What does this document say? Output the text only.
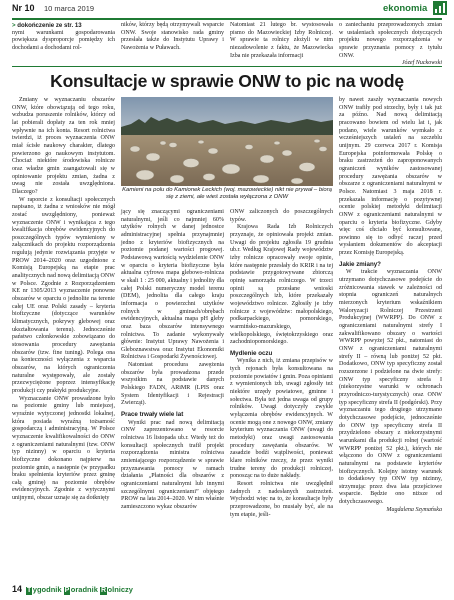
Nr 10 10 marca 2019	ekonomia

> dokończenie ze str. 13

nymi warunkami gospodarowania powiększa dysproporcje pomiędzy ich dochodami a dochodami rol-

ników, którzy będą otrzymywali wsparcie ONW. Swoje stanowisko rada gminy przesłała także do Instytutu Uprawy i Nawożenia w Puławach.

Natomiast 21 lutego br. wystosowała pismo do Mazowieckiej Izby Rolniczej. W sprawie ta rolnicy złożyli w nim niezadowolenie z faktu, że Mazowiecka Izba nie przekazała informacji

o zaniechaniu przeprowadzonych zmian w ustaleniach społecznych dotyczących projektu nowego rozporządzenia w sprawie przyznania pomocy z tytułu ONW.

Józef Nuckowski

Konsultacje w sprawie ONW to pic na wodę
Kamieni na polu do Kamionek Leckich (woj. mazowieckie) nikt nie prywał – biorą się z ziemi, ale wieś została wyłączona z ONW

Zmiany w wyznaczaniu obszarów ONW, które obowiązują od tego roku, wzbudza poruszenie rolników, którzy od lat pobierali dopłaty za ten rok mniej wpływnie na ich konta. Resort rolnictwa twierdzi, iż proces wyznaczenia ONW miał ścisłe naukowy charakter, dlatego powierzono go naukowym instytutom. Chociaż niektóre środowiska rolnicze oraz władze gmin zaangażowali się w opiniowanie projektu zmian, żadna z uwag nie została uwzględniona. Dlaczego?

W raporcie z konsultacji społecznych napisano, iż żadna z wniosków nie mógł zostać uwzględniony, ponieważ wyznaczenie ONW i wynikająca z tego kwalifikacja obrębów ewidencyjnych do poszczególnych typów wymieniony w załącznikach do projektu rozporządzenia regulują jedynie rozwiązania przyjęte w PROW 2014–2020 oraz uzgodnione z Komisją Europejską na etapie prac analitycznych nad nową delimitacją ONW w Polsce. Zgodnie z Rozporządzeniem KE nr 1305/2013 wyznaczenie ponowne obszarów w oparciu o jednolite na terenie całej UE oraz Polski zasady – kryteria biofizyczne (dotyczące warunków klimatycznych, pokrywy glebowej oraz ukształtowania terenu). Jednocześnie państwo członkowskie zobowiązano do stosowania procedury zawężania obszarów (tzw. fine tuning). Polega ona na konieczności wyłączenia z wsparcia obszarów, na których ograniczenia naturalne występowały, ale zostały przezwyciężone poprzez intensyfikację produkcji czy praktyki produkcyjne.

Wyznaczanie ONW prowadzone było na poziomie gminy lub mniejszej, wyraźnie wytyczonej jednostki lokalnej, która posiada wyraźną tożsamość gospodarczą i administracyjną. W Polsce wyznaczenie kwalifikowalności do ONW z ograniczeniami naturalnymi (tzw. ONW typ nizinny) w oparciu o kryteria biofizyczne dokonano najpierw na poziomie gmin, a następnie (w przypadku braku spełnienia kryteriów przez gminę całą gminę) na poziomie obrębów ewidencyjnych. Zgodnie z wytycznymi unijnymi, obszar uznaje się za dotknięty

jący się znaczącymi ograniczeniami naturalnymi, jeśli co najmniej 60% użytków rolnych w danej jednostce administracyjnej spełnia przynajmniej jedno z kryteriów biofizycznych na poziomie podanej wartości progowej. Podstawową wartością wydzielenie ONW w oparciu o kryteria biofizyczne była aktualna cyfrowa mapa glebowo-rolnicza w skali 1 : 25 000, aktualny i jednolity dla całej Polski numeryczny model terenu (DEM), jednolita dla całego kraju informacja o powierzchni użytków rolnych w gminach/obrębach ewidencyjnych, aktualna mapa pH gleby oraz baza obszarów intensywnego rolnictwa. To zadanie wykonywały głównie: Instytut Uprawy Nawożenia i Gleboznawstwa oraz Instytut Ekonomiki Rolnictwa i Gospodarki Żywnościowej.

Natomiast procedura zawężenia obszarów była prowadzona przede wszystkim na podstawie danych Polskiego FADN, ARiMR (LPIS oraz System Identyfikacji i Rejestracji Zwierząt).

Prace trwały wiele lat

Wyniki prac nad nową delimitacją ONW zaprezentowano w resorcie rolnictwa 16 listopada ub.r. Wtedy też do konsultacji społecznych trafił projekt rozporządzenia ministra rolnictwa zmieniającego rozporządzenie w sprawie przyznawania pomocy w ramach działania „Płatności dla obszarów z ograniczeniami naturalnymi lub innymi szczególnymi ograniczeniami” objętego PROW na lata 2014–2020. W nim właśnie zamieszczono wykaz obszarów

ONW zaliczonych do poszczególnych typów.

Krajowa Rada Izb Rolniczych przyznaje, że opiniowała projekt zmian. Uwagi do projektu zgłosiła 19 grudnia ub.r. Według Krajowej Rady województw izby rolnicze opracowały swoje opinie, które następnie przesłały do KRIR i na tej podstawie przygotowywane zbiorczą opinię samorządu rolniczego. W trzeci opinii są przesłane wnioski poszczególnych izb, które przekazały województwo rolnicze. Zgłosiły je izby rolnicze z województw: małopolskiego, podkarpackiego, pomorskiego, warmińsko-mazurskiego, wielkopolskiego, świętokrzyskiego oraz zachodniopomorskiego.

Mydlenie oczu

Wynika z nich, iż zmiana przepisów w tych rejonach była konsultowana na poziomie powiatów i gmin. Poza opiniami z wymienionych izb, uwagi zgłosiły też niektóre urzędy powiatowe, gminne i sołectwa. Była też jedna uwaga od grupy rolników. Uwagi dotyczyły zwykle wyłączenia obrębów ewidencyjnych. W ocenie mogą one z nowego ONW, zmiany kryterium wyznaczania ONW (uwagi do metodyki) oraz uwagi zastosowania procedury zawężania obszarów. W zasadzie bodźi wątpliwości, ponieważ klare rolników rzeczy, że przez wyniki trudne tereny do produkcji rolniczej, ponosząc na to duże nakłady.

Resort rolnictwa nie uwzględnił żadnych z nadesłanych zastrzeżeń. Wychodzi więc na to, że konsultacje były przeprowadzone, bo musiały być, ale na tym etapie, jeśli-

by nawet zaszły wyznaczania nowych ONW trafiły pod strzechy, były i tak już za późno. Nad nową delimitacją pracowano bowiem od wielu lat i, jak podano, wiele warunków wymkało z wcześniejszych ustaleń na szczeblu unijnym. 29 czerwca 2017 r. Komisja Europejska poinformowała Polskę o braku zastrzeżeń do zaproponowanych ograniczeń wyników zastosowanej procedury zawężania obszarów w obszarze z ograniczeniami naturalnymi w Polsce. Natomiast 3 maja 2018 r. przekazała informację o pozytywnej ocenie polskiej metodyki delimitacji ONW z ograniczeniami naturalnymi w oparciu o kryteria biofizyczne. Gdyby więc coś chciało być konsultowane, powinno się to odbyć raczej przed wysłaniem dokumentów do akceptacji przez Komisję Europejską.

Jakie zmiany?

W trakcie wyznaczania ONW utrzymano dotychczasowe podejście do zróżnicowania stawek w zależności od stopnia ograniczeń naturalnych mierzonych kryterium wskaźnikiem Waloryzacji Rolniczej Przestrzeni Produkcyjnej (WWRPP). Do ONW z ograniczeniami naturalnymi strefy I zakwalifikowano obszary o wartości WWRPP powyżej 52 pkt., natomiast do ONW z ograniczeniami naturalnymi strefy II – równą lub poniżej 52 pkt. Dodatkowo, ONW typ specyficzny został rozszerzone i podzielone na dwie strefy: ONW typ specyficzny strefa I (niekorzystne warunki w ochronach przyrodniczo-turystycznych) oraz ONW typ specyficzny strefa II (podgórski). Przy wyznaczaniu tego drugiego utrzymano dotychczasowe podejście, jednocześnie do ONW typ specyficzny strefa II przydzielono obszary z niekorzystnymi warunkami dla produkcji rolnej (wartość WWRPP poniżej 52 pkt.), których nie włączono do ONW z ograniczeniami naturalnymi na podstawie kryteriów biofizycznych. Kolejny istotny warunek to dodatkowy typ ONW typ nizinny, strzymując przez dwa lata przejściowe wsparcie. Będzie ono niższe od dotychczasowego.

Magdalena Szymańska

14 T ygodnik P oradnik R olniczy
